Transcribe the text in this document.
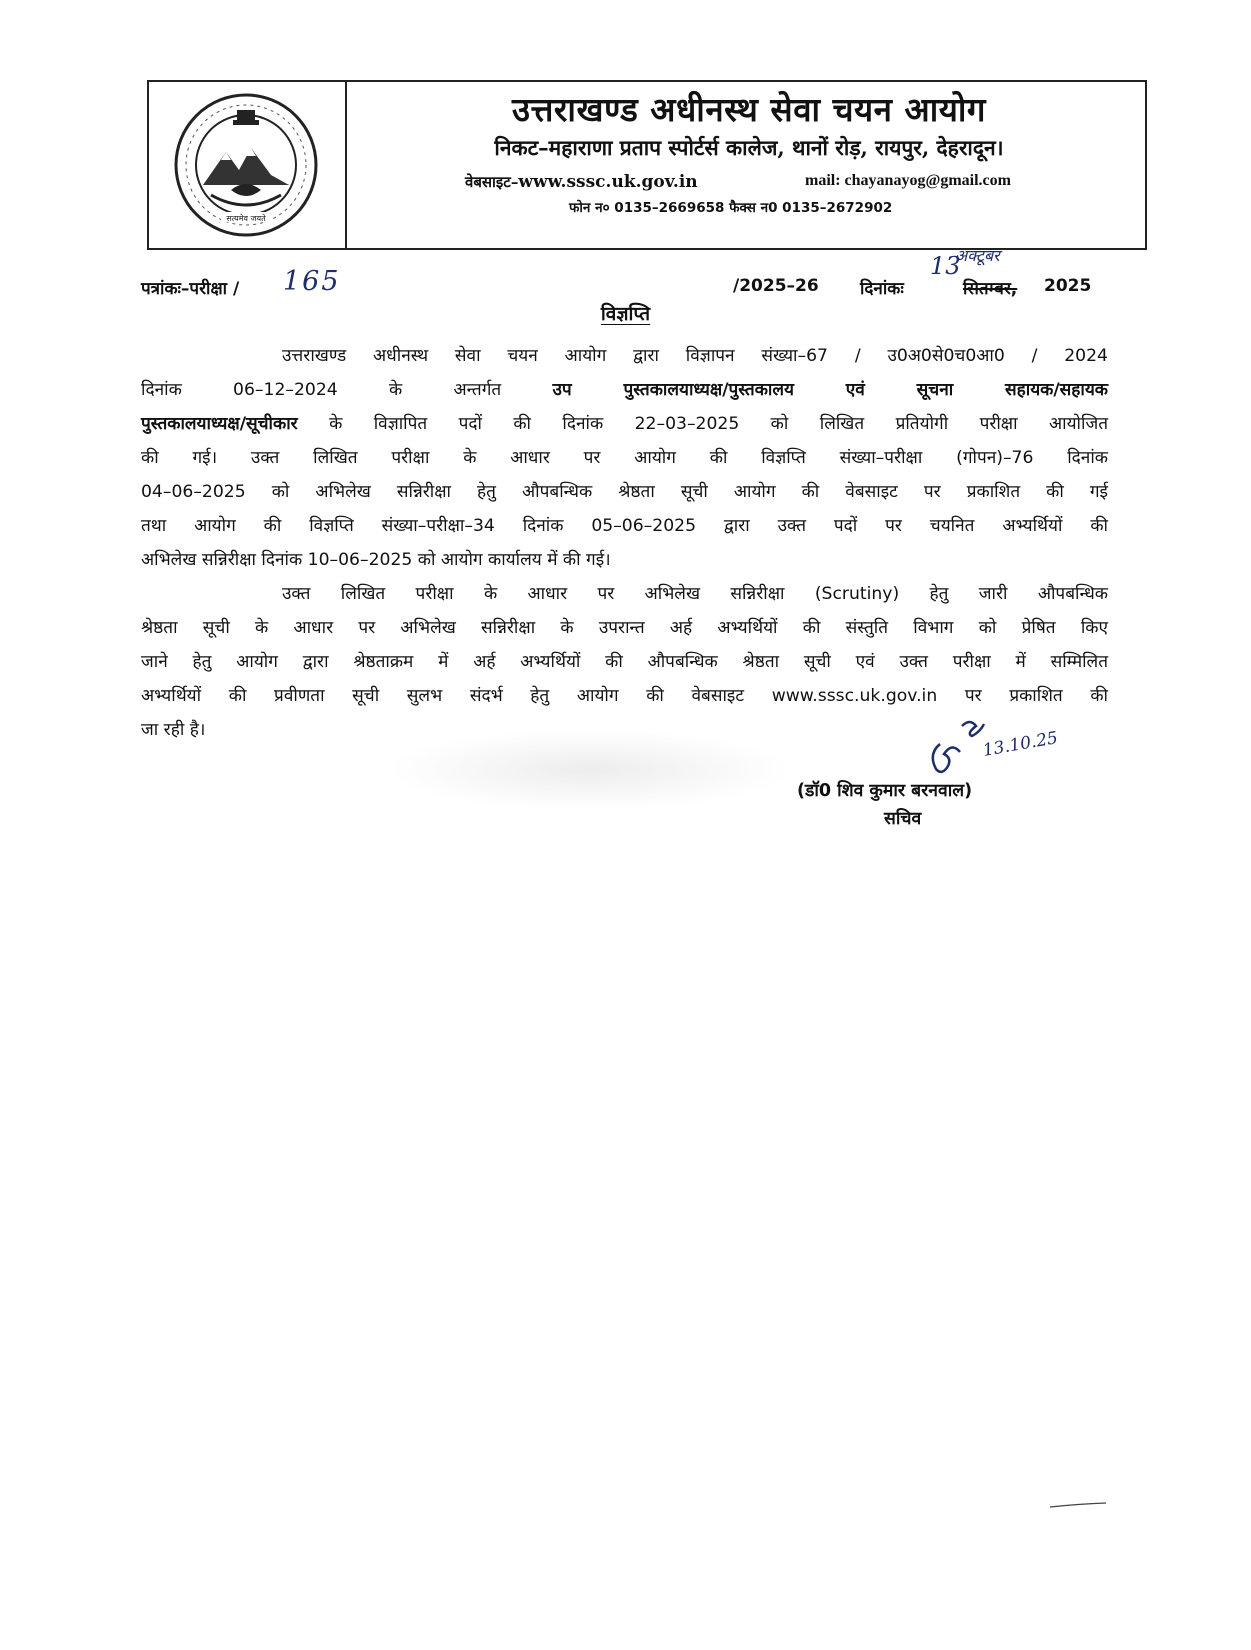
सत्यमेव जयते
उत्तराखण्ड अधीनस्थ सेवा चयन आयोग
निकट–महाराणा प्रताप स्पोर्टर्स कालेज, थानों रोड़, रायपुर, देहरादून।
वेबसाइट–www.sssc.uk.gov.in	mail: chayanayog@gmail.com
फोन न० 0135–2669658 फैक्स न0 0135–2672902
पत्रांकः–परीक्षा / 165	/2025–26 दिनांकः
13
अक्टूबर
सितम्बर, 2025
विज्ञप्ति
उत्तराखण्ड अधीनस्थ सेवा चयन आयोग द्वारा विज्ञापन संख्या–67 / उ0अ0से0च0आ0 / 2024
दिनांक 06–12–2024 के अन्तर्गत उप पुस्तकालयाध्यक्ष/पुस्तकालय एवं सूचना सहायक/सहायक
पुस्तकालयाध्यक्ष/सूचीकार के विज्ञापित पदों की दिनांक 22–03–2025 को लिखित प्रतियोगी परीक्षा आयोजित
की गई। उक्त लिखित परीक्षा के आधार पर आयोग की विज्ञप्ति संख्या–परीक्षा (गोपन)–76 दिनांक
04–06–2025 को अभिलेख सन्निरीक्षा हेतु औपबन्धिक श्रेष्ठता सूची आयोग की वेबसाइट पर प्रकाशित की गई
तथा आयोग की विज्ञप्ति संख्या–परीक्षा–34 दिनांक 05–06–2025 द्वारा उक्त पदों पर चयनित अभ्यर्थियों की
अभिलेख सन्निरीक्षा दिनांक 10–06–2025 को आयोग कार्यालय में की गई।
उक्त लिखित परीक्षा के आधार पर अभिलेख सन्निरीक्षा (Scrutiny) हेतु जारी औपबन्धिक
श्रेष्ठता सूची के आधार पर अभिलेख सन्निरीक्षा के उपरान्त अर्ह अभ्यर्थियों की संस्तुति विभाग को प्रेषित किए
जाने हेतु आयोग द्वारा श्रेष्ठताक्रम में अर्ह अभ्यर्थियों की औपबन्धिक श्रेष्ठता सूची एवं उक्त परीक्षा में सम्मिलित
अभ्यर्थियों की प्रवीणता सूची सुलभ संदर्भ हेतु आयोग की वेबसाइट www.sssc.uk.gov.in पर प्रकाशित की
जा रही है।	13.10.25
(डॉ0 शिव कुमार बरनवाल)
सचिव
